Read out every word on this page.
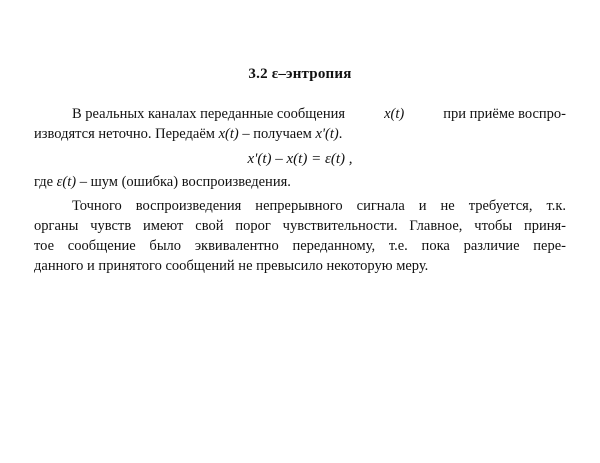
3.2 ε–энтропия
В реальных каналах переданные сообщения	x(t)	при приёме воспро-
изводятся неточно. Передаём x(t) – получаем x'(t).
x'(t) – x(t) = ε(t) ,
где ε(t) – шум (ошибка) воспроизведения.
Точного воспроизведения непрерывного сигнала и не требуется, т.к.
органы чувств имеют свой порог чувствительности. Главное, чтобы приня-
тое сообщение было эквивалентно переданному, т.е. пока различие пере-
данного и принятого сообщений не превысило некоторую меру.
